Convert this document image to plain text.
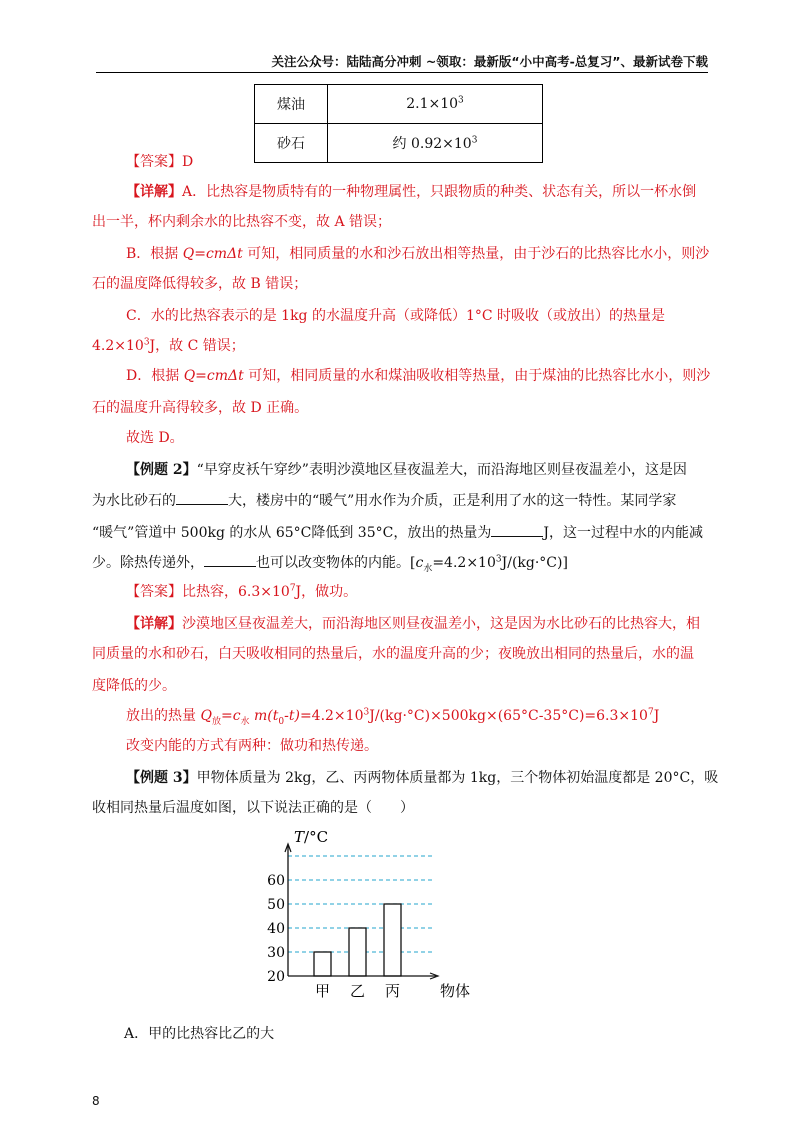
关注公众号：陆陆高分冲刺 ~领取：最新版“小中高考-总复习”、最新试卷下载
煤油	$2.1\times 10^3$
砂石	约 $0.92\times 10^3$
【答案】D
【详解】A．比热容是物质特有的一种物理属性，只跟物质的种类、状态有关，所以一杯水倒
出一半，杯内剩余水的比热容不变，故 A 错误；
B．根据 Q=cmΔt 可知，相同质量的水和沙石放出相等热量，由于沙石的比热容比水小，则沙
石的温度降低得较多，故 B 错误；
C．水的比热容表示的是 1kg 的水温度升高（或降低）1°C 时吸收（或放出）的热量是
$4.2\times 10^3J$，故 C 错误；
D．根据 Q=cmΔt 可知，相同质量的水和煤油吸收相等热量，由于煤油的比热容比水小，则沙
石的温度升高得较多，故 D 正确。
故选 D。
【例题 2】“早穿皮袄午穿纱”表明沙漠地区昼夜温差大，而沿海地区则昼夜温差小，这是因
为水比砂石的	大，楼房中的“暖气”用水作为介质，正是利用了水的这一特性。某同学家
“暖气”管道中 500kg 的水从 65°C降低到 35°C，放出的热量为	J，这一过程中水的内能减
少。除热传递外，	也可以改变物体的内能。$[c_水=4.2\times 10^3J/(kg\cdot^\circ C)]$
【答案】比热容，$6.3\times 10^7J$，做功。
【详解】沙漠地区昼夜温差大，而沿海地区则昼夜温差小，这是因为水比砂石的比热容大，相
同质量的水和砂石，白天吸收相同的热量后，水的温度升高的少；夜晚放出相同的热量后，水的温
度降低的少。
放出的热量 $Q_放=c_水$ $m(t_0-t)=4.2\times 10^3J/(kg\cdot^\circ C)\times 500kg\times(65^\circ C-35^\circ C)=6.3\times 10^7J$
改变内能的方式有两种：做功和热传递。
【例题 3】甲物体质量为 2kg，乙、丙两物体质量都为 1kg，三个物体初始温度都是 20°C，吸
收相同热量后温度如图，以下说法正确的是（　　）
20
30
40
50
60
甲 乙 丙
T/°C
物体
A．甲的比热容比乙的大
8
